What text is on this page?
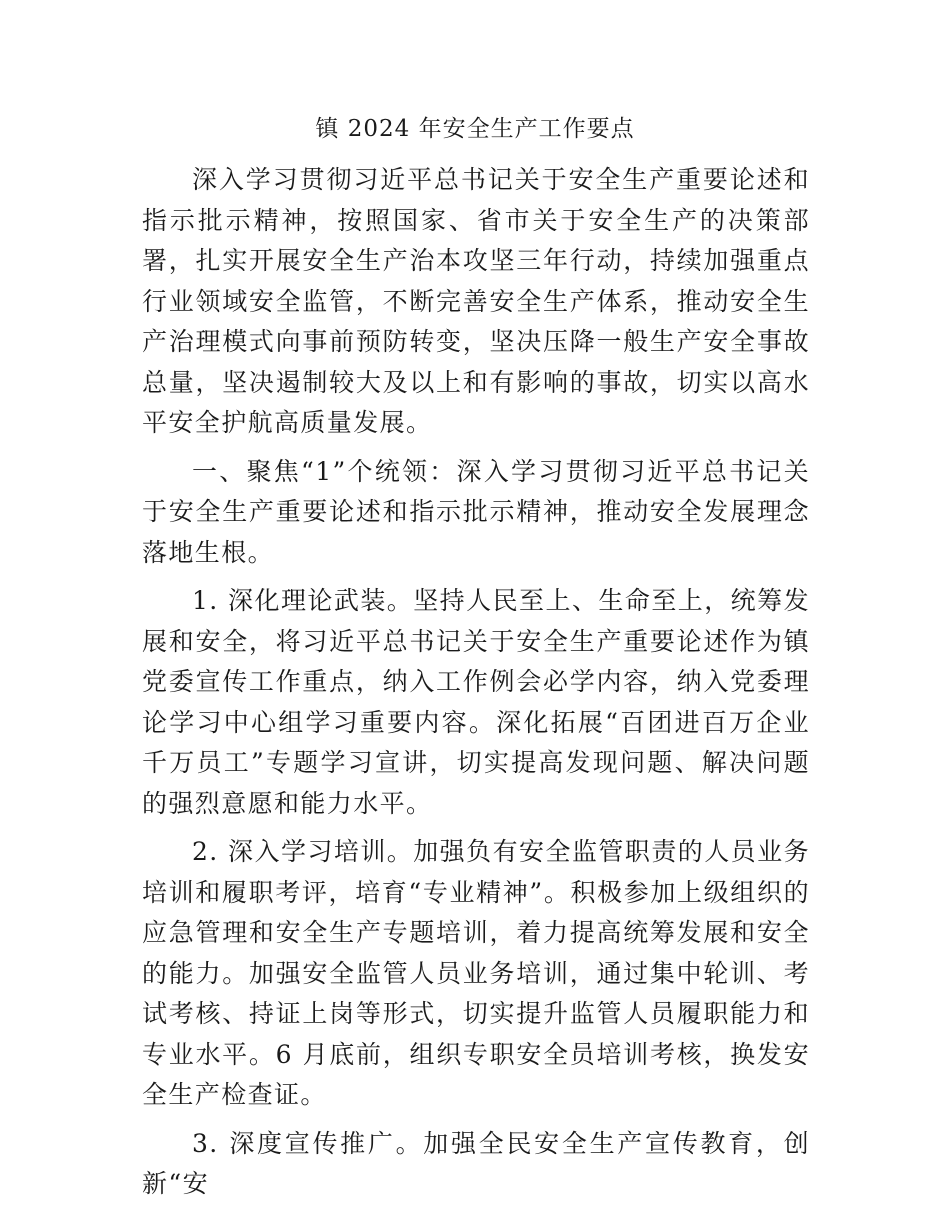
镇 2024 年安全生产工作要点

深入学习贯彻习近平总书记关于安全生产重要论述和指示批示精神，按照国家、省市关于安全生产的决策部署，扎实开展安全生产治本攻坚三年行动，持续加强重点行业领域安全监管，不断完善安全生产体系，推动安全生产治理模式向事前预防转变，坚决压降一般生产安全事故总量，坚决遏制较大及以上和有影响的事故，切实以高水平安全护航高质量发展。

一、聚焦“1”个统领：深入学习贯彻习近平总书记关于安全生产重要论述和指示批示精神，推动安全发展理念落地生根。

1. 深化理论武装。坚持人民至上、生命至上，统筹发展和安全，将习近平总书记关于安全生产重要论述作为镇党委宣传工作重点，纳入工作例会必学内容，纳入党委理论学习中心组学习重要内容。深化拓展“百团进百万企业千万员工”专题学习宣讲，切实提高发现问题、解决问题的强烈意愿和能力水平。

2. 深入学习培训。加强负有安全监管职责的人员业务培训和履职考评，培育“专业精神”。积极参加上级组织的应急管理和安全生产专题培训，着力提高统筹发展和安全的能力。加强安全监管人员业务培训，通过集中轮训、考试考核、持证上岗等形式，切实提升监管人员履职能力和专业水平。6 月底前，组织专职安全员培训考核，换发安全生产检查证。

3. 深度宣传推广。加强全民安全生产宣传教育，创新“安
